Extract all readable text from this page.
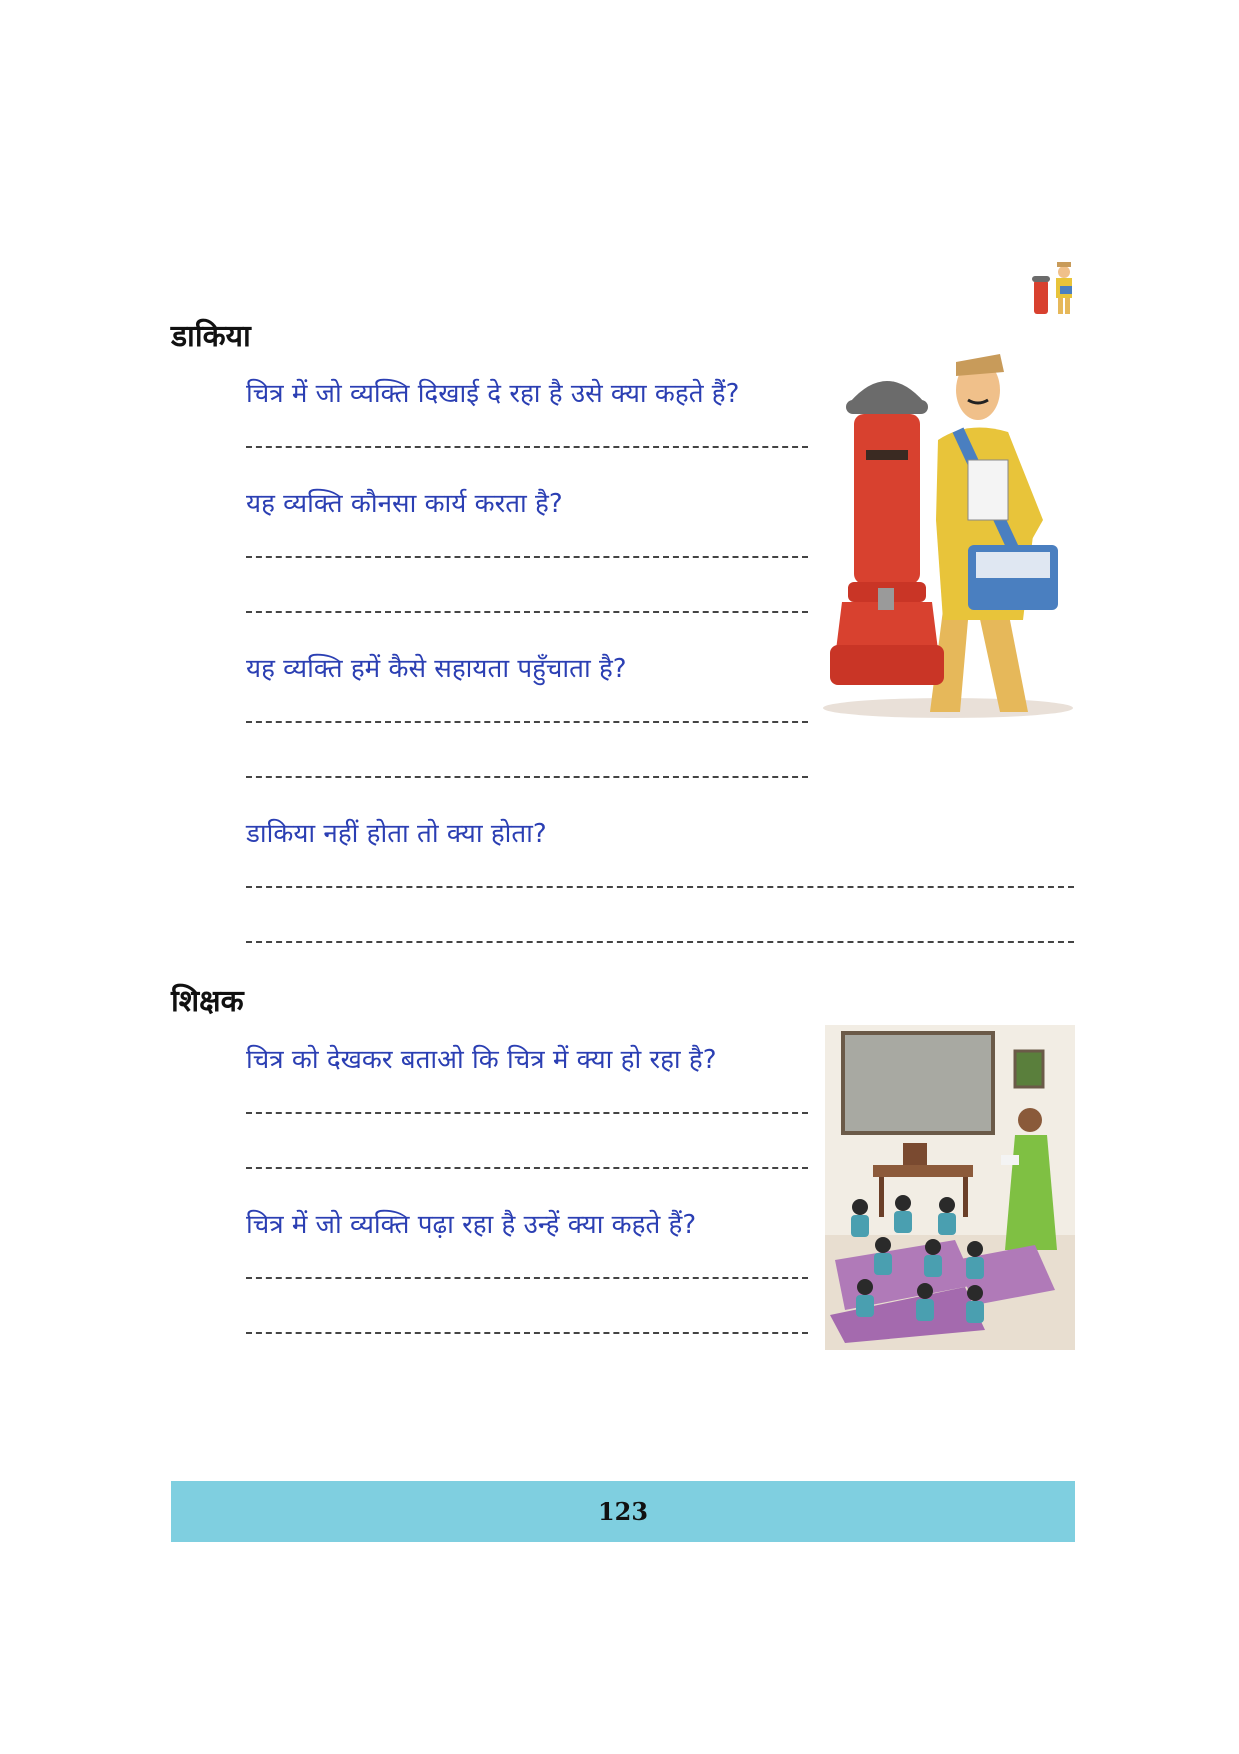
डाकिया
चित्र में जो व्यक्ति दिखाई दे रहा है उसे क्या कहते हैं?
यह व्यक्ति कौनसा कार्य करता है?
यह व्यक्ति हमें कैसे सहायता पहुँचाता है?
डाकिया नहीं होता तो क्या होता?
शिक्षक
चित्र को देखकर बताओ कि चित्र में क्या हो रहा है?
चित्र में जो व्यक्ति पढ़ा रहा है उन्हें क्या कहते हैं?
123
